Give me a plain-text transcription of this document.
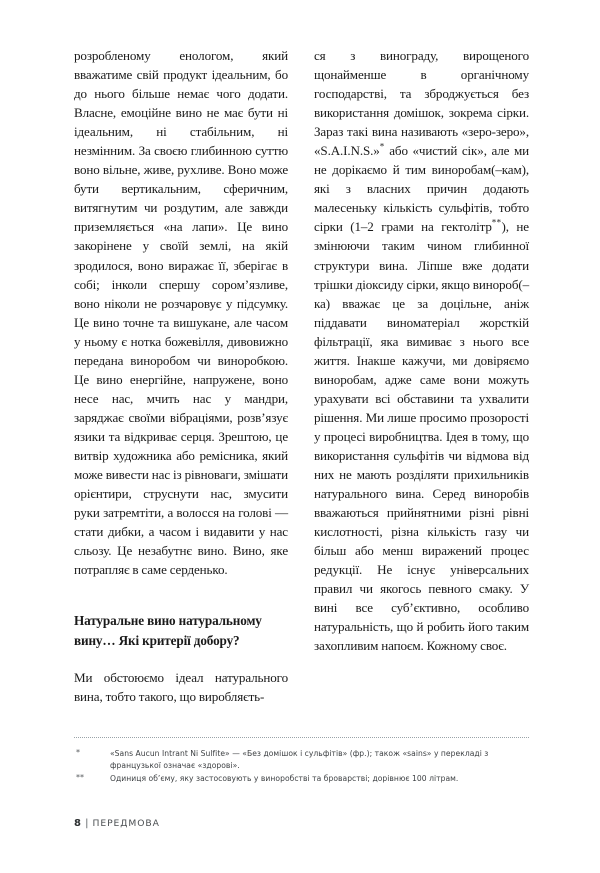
розробленому енологом, який вважатиме свій продукт ідеальним, бо до нього більше немає чого додати. Власне, емоційне вино не має бути ні ідеальним, ні стабільним, ні незмінним. За своєю глибинною суттю воно вільне, живе, рухливе. Воно може бути вертикальним, сферичним, витягнутим чи роздутим, але завжди приземляється «на лапи». Це вино закорінене у своїй землі, на якій зродилося, воно виражає її, зберігає в собі; інколи спершу сором’язливе, воно ніколи не розчаровує у підсумку. Це вино точне та вишукане, але часом у ньому є нотка божевілля, дивовижно передана виноробом чи виноробкою. Це вино енергійне, напружене, воно несе нас, мчить нас у мандри, заряджає своїми вібраціями, розв’язує язики та відкриває серця. Зрештою, це витвір художника або ремісника, який може вивести нас із рівноваги, змішати орієнтири, струснути нас, змусити руки затремтіти, а волосся на голові — стати дибки, а часом і видавити у нас сльозу. Це незабутнє вино. Вино, яке потрапляє в саме серденько.

Натуральне вино натуральному вину… Які критерії добору?

Ми обстоюємо ідеал натурального вина, тобто такого, що виробляєть-

ся з винограду, вирощеного щонайменше в органічному господарстві, та зброджується без використання домішок, зокрема сірки. Зараз такі вина називають «зеро-зеро», «S.A.I.N.S.»* або «чистий сік», але ми не дорікаємо й тим виноробам(–кам), які з власних причин додають малесеньку кількість сульфітів, тобто сірки (1–2 грами на гектолітр**), не змінюючи таким чином глибинної структури вина. Ліпше вже додати трішки діоксиду сірки, якщо винороб(–ка) вважає це за доцільне, аніж піддавати виноматеріал жорсткій фільтрації, яка вимиває з нього все життя. Інакше кажучи, ми довіряємо виноробам, адже саме вони можуть урахувати всі обставини та ухвалити рішення. Ми лише просимо прозорості у процесі виробництва. Ідея в тому, що використання сульфітів чи відмова від них не мають розділяти прихильників натурального вина. Серед виноробів вважаються прийнятними різні рівні кислотності, різна кількість газу чи більш або менш виражений процес редукції. Не існує універсальних правил чи якогось певного смаку. У вині все суб’єктивно, особливо натуральність, що й робить його таким захопливим напоєм. Кожному своє.

*	«Sans Aucun Intrant Ni Sulfite» — «Без домішок і сульфітів» (фр.); також «sains» у перекладі з французької означає «здорові».
**	Одиниця об’єму, яку застосовують у виноробстві та броварстві; дорівнює 100 літрам.
8 | ПЕРЕДМОВА
